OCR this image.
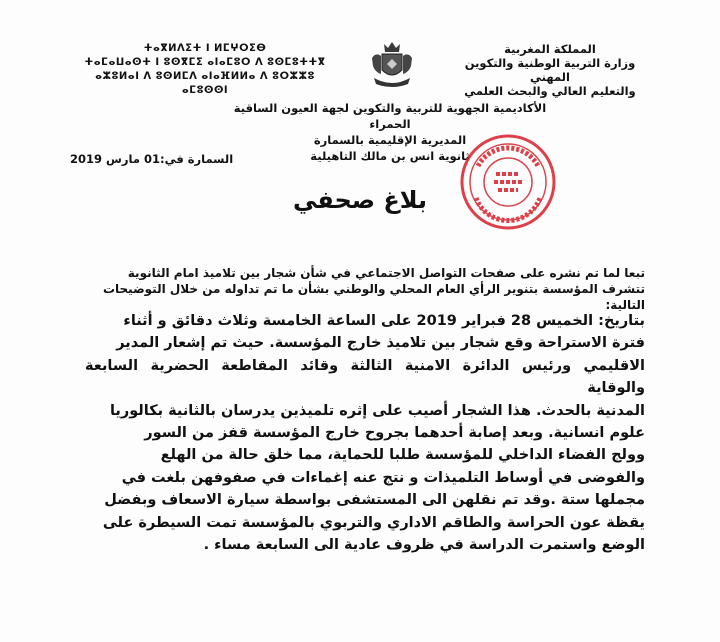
المملكة المغربية
وزارة التربية الوطنية والتكوين المهني
والتعليم العالي والبحث العلمي
ⵜⴰⴳⵍⴷⵉⵜ ⵏ ⵍⵎⵖⵔⵉⴱ
ⵜⴰⵎⴰⵡⴰⵙⵜ ⵏ ⵓⵙⴳⵎⵉ ⴰⵏⴰⵎⵓⵔ ⴷ ⵓⵙⵎⵓⵜⵜⴳ
ⴰⵣⵓⵍⴰⵏ ⴷ ⵓⵙⵍⵎⴷ ⴰⵏⴰⴼⵍⵍⴰ ⴷ ⵓⵔⵣⵣⵓ ⴰⵎⵓⵙⵙⵏ
الأكاديمية الجهوية للتربية والتكوين لجهة العيون الساقية الحمراء
المديرية الإقليمية بالسمارة
ثانوية انس بن مالك التاهيلية
السمارة في:01 مارس 2019
بلاغ صحفي
تبعا لما تم نشره على صفحات التواصل الاجتماعي في شأن شجار بين تلاميذ امام الثانوية
تتشرف المؤسسة بتنوير الرأي العام المحلي والوطني بشأن ما تم تداوله من خلال التوضيحات التالية:
بتاريخ: الخميس 28 فبراير 2019 على الساعة الخامسة وثلاث دقائق و أثناء
فترة الاستراحة وقع شجار بين تلاميذ خارج المؤسسة. حيث تم إشعار المدير
الاقليمي ورئيس الدائرة الامنية الثالثة وقائد المقاطعة الحضرية السابعة والوقاية
المدنية بالحدث. هذا الشجار أصيب على إثره تلميذين يدرسان بالثانية بكالوريا
علوم انسانية. وبعد إصابة أحدهما بجروح خارج المؤسسة قفز من السور
وولج الفضاء الداخلي للمؤسسة طلبا للحماية، مما خلق حالة من الهلع
والفوضى في أوساط التلميذات و نتج عنه إغماءات في صفوفهن بلغت في
مجملها ستة .وقد تم نقلهن الى المستشفى بواسطة سيارة الاسعاف وبفضل
يقظة عون الحراسة والطاقم الاداري والتربوي بالمؤسسة تمت السيطرة على
الوضع واستمرت الدراسة في ظروف عادية الى السابعة مساء .
